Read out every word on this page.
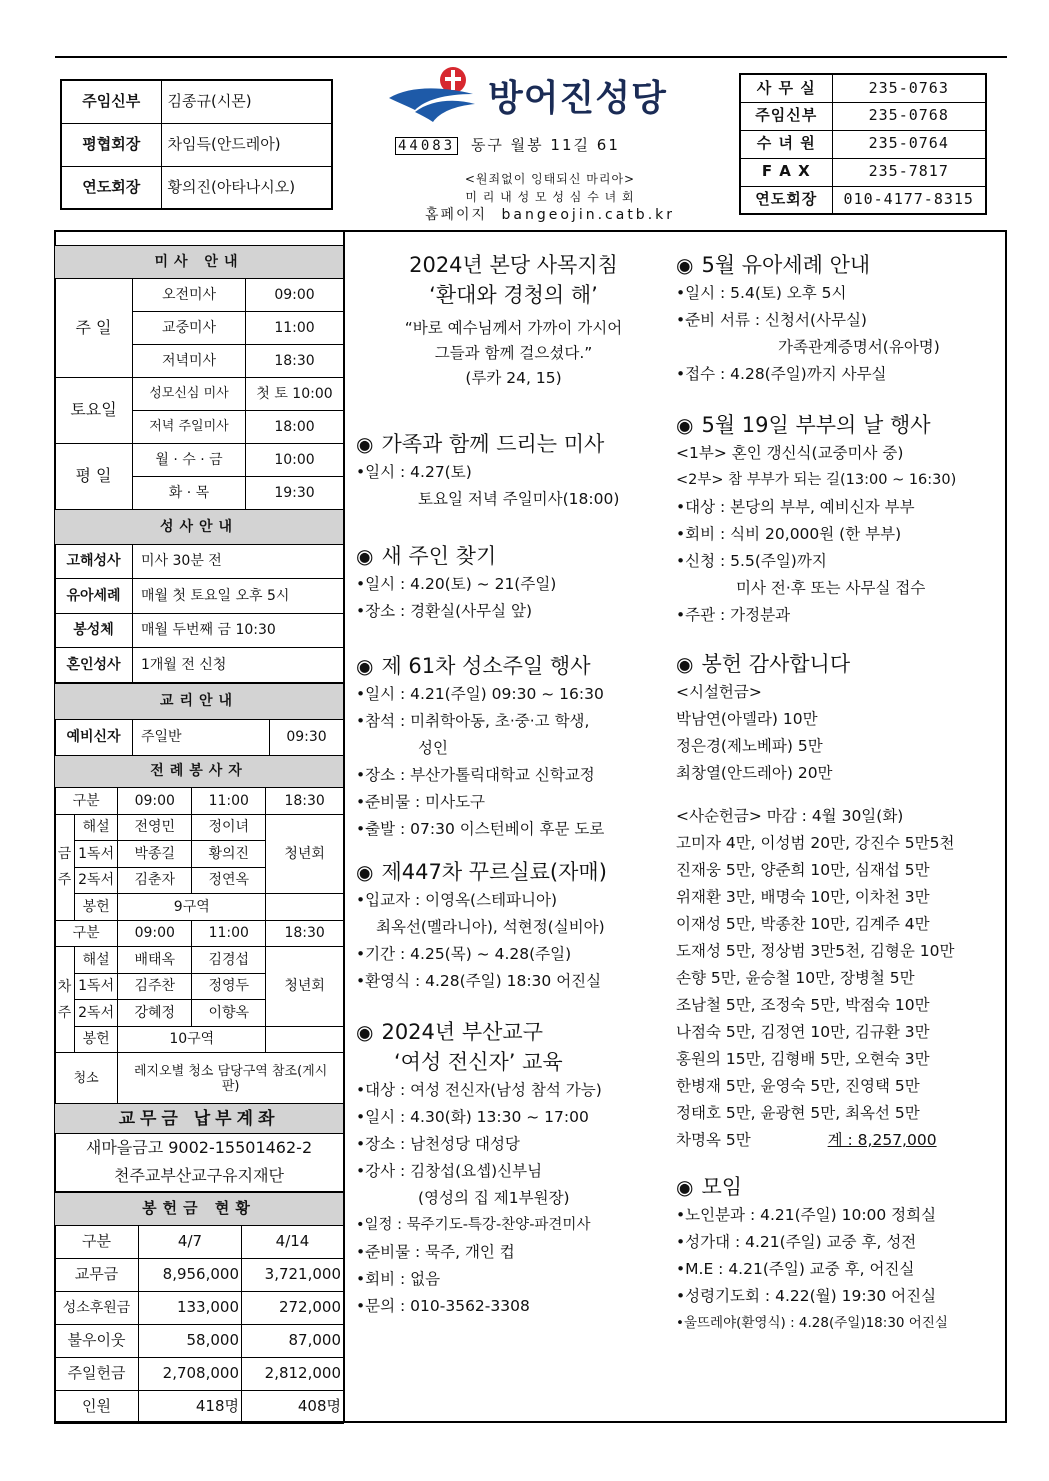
주임신부	김종규(시몬)
평협회장	차임득(안드레아)
연도회장	황의진(아타나시오)
방어진성당
44083 동구 월봉 11길 61
<원죄없이 잉태되신 마리아>
미 리 내 성 모 성 심 수 녀 회
홈페이지 bangeojin.catb.kr
사 무 실	235-0763
주임신부	235-0768
수 녀 원	235-0764
F A X	235-7817
연도회장	010-4177-8315
미사 안내		
주 일	오전미사	09:00
	교중미사	11:00
	저녁미사	18:30
토요일	성모신심 미사	첫 토 10:00
	저녁 주일미사	18:00
평 일	월 · 수 · 금	10:00
	화 · 목	19:30
성사안내	
고해성사	미사 30분 전
유아세례	매월 첫 토요일 오후 5시
봉성체	매월 두번째 금 10:30
혼인성사	1개월 전 신청
교리안내
예비신자	주일반	09:30
전례봉사자				
구분		09:00	11:00	18:30
금주	해설	전영민	정이녀	청년회
	1독서	박종길	황의진	
	2독서	김춘자	정연옥	
	봉헌	9구역		
구분		09:00	11:00	18:30
차주	해설	배태옥	김경섭	청년회
	1독서	김주찬	정영두	
	2독서	강혜정	이향옥	
	봉헌	10구역		
청소		레지오별 청소 담당구역 참조(게시판)		
교무금 납부계좌
새마을금고 9002-15501462-2
천주교부산교구유지재단
봉헌금 현황		
구분	4/7	4/14
교무금	8,956,000	3,721,000
성소후원금	133,000	272,000
불우이웃	58,000	87,000
주일헌금	2,708,000	2,812,000
인원	418명	408명
2024년 본당 사목지침
‘환대와 경청의 해’
“바로 예수님께서 가까이 가시어
그들과 함께 걸으셨다.”
(루카 24, 15)
◉ 가족과 함께 드리는 미사
•일시 : 4.27(토)
토요일 저녁 주일미사(18:00)
◉ 새 주인 찾기
•일시 : 4.20(토) ~ 21(주일)
•장소 : 경환실(사무실 앞)
◉ 제 61차 성소주일 행사
•일시 : 4.21(주일) 09:30 ~ 16:30
•참석 : 미취학아동, 초·중·고 학생,
성인
•장소 : 부산가톨릭대학교 신학교정
•준비물 : 미사도구
•출발 : 07:30 이스턴베이 후문 도로
◉ 제447차 꾸르실료(자매)
•입교자 : 이영옥(스테파니아)
최옥선(멜라니아), 석현정(실비아)
•기간 : 4.25(목) ~ 4.28(주일)
•환영식 : 4.28(주일) 18:30 어진실
◉ 2024년 부산교구
‘여성 전신자’ 교육
•대상 : 여성 전신자(남성 참석 가능)
•일시 : 4.30(화) 13:30 ~ 17:00
•장소 : 남천성당 대성당
•강사 : 김창섭(요셉)신부님
(영성의 집 제1부원장)
•일정 : 묵주기도-특강-찬양-파견미사
•준비물 : 묵주, 개인 컵
•회비 : 없음
•문의 : 010-3562-3308
◉ 5월 유아세례 안내
•일시 : 5.4(토) 오후 5시
•준비 서류 : 신청서(사무실)
가족관계증명서(유아명)
•접수 : 4.28(주일)까지 사무실
◉ 5월 19일 부부의 날 행사
<1부> 혼인 갱신식(교중미사 중)
<2부> 참 부부가 되는 길(13:00 ~ 16:30)
•대상 : 본당의 부부, 예비신자 부부
•회비 : 식비 20,000원 (한 부부)
•신청 : 5.5(주일)까지
미사 전·후 또는 사무실 접수
•주관 : 가정분과
◉ 봉헌 감사합니다
<시설헌금>
박남연(아델라) 10만
정은경(제노베파) 5만
최창열(안드레아) 20만
<사순헌금> 마감 : 4월 30일(화)
고미자 4만, 이성범 20만, 강진수 5만5천
진재웅 5만, 양준희 10만, 심재섭 5만
위재환 3만, 배명숙 10만, 이차천 3만
이재성 5만, 박종찬 10만, 김계주 4만
도재성 5만, 정상범 3만5천, 김형운 10만
손향 5만, 윤승철 10만, 장병철 5만
조남철 5만, 조정숙 5만, 박점숙 10만
나점숙 5만, 김정연 10만, 김규환 3만
홍원의 15만, 김형배 5만, 오현숙 3만
한병재 5만, 윤영숙 5만, 진영택 5만
정태호 5만, 윤광현 5만, 최옥선 5만
차명옥 5만	계 : 8,257,000
◉ 모임
•노인분과 : 4.21(주일) 10:00 정희실
•성가대 : 4.21(주일) 교중 후, 성전
•M.E : 4.21(주일) 교중 후, 어진실
•성령기도회 : 4.22(월) 19:30 어진실
•울뜨레야(환영식) : 4.28(주일)18:30 어진실
